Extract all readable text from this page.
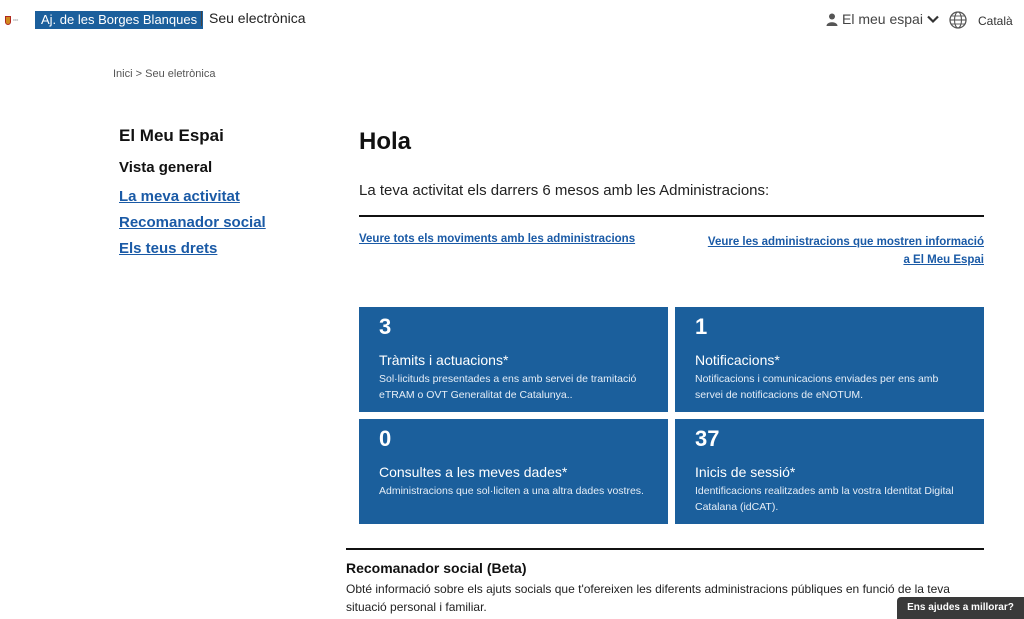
≡≡≡	Aj. de les Borges Blanques Seu electrònica	El meu espai	Català
Inici > Seu eletrònica
El Meu Espai
Vista general
La meva activitat
Recomanador social
Els teus drets
Hola
La teva activitat els darrers 6 mesos amb les Administracions:
Veure tots els moviments amb les administracions	Veure les administracions que mostren informació
a El Meu Espai
3
Tràmits i actuacions*
Sol·licituds presentades a ens amb servei de tramitació eTRAM o OVT Generalitat de Catalunya..
1
Notificacions*
Notificacions i comunicacions enviades per ens amb servei de notificacions de eNOTUM.
0
Consultes a les meves dades*
Administracions que sol·liciten a una altra dades vostres.
37
Inicis de sessió*
Identificacions realitzades amb la vostra Identitat Digital Catalana (idCAT).
Recomanador social (Beta)
Obté informació sobre els ajuts socials que t'ofereixen les diferents administracions públiques en funció de la teva situació personal i familiar.	Ens ajudes a millorar?
